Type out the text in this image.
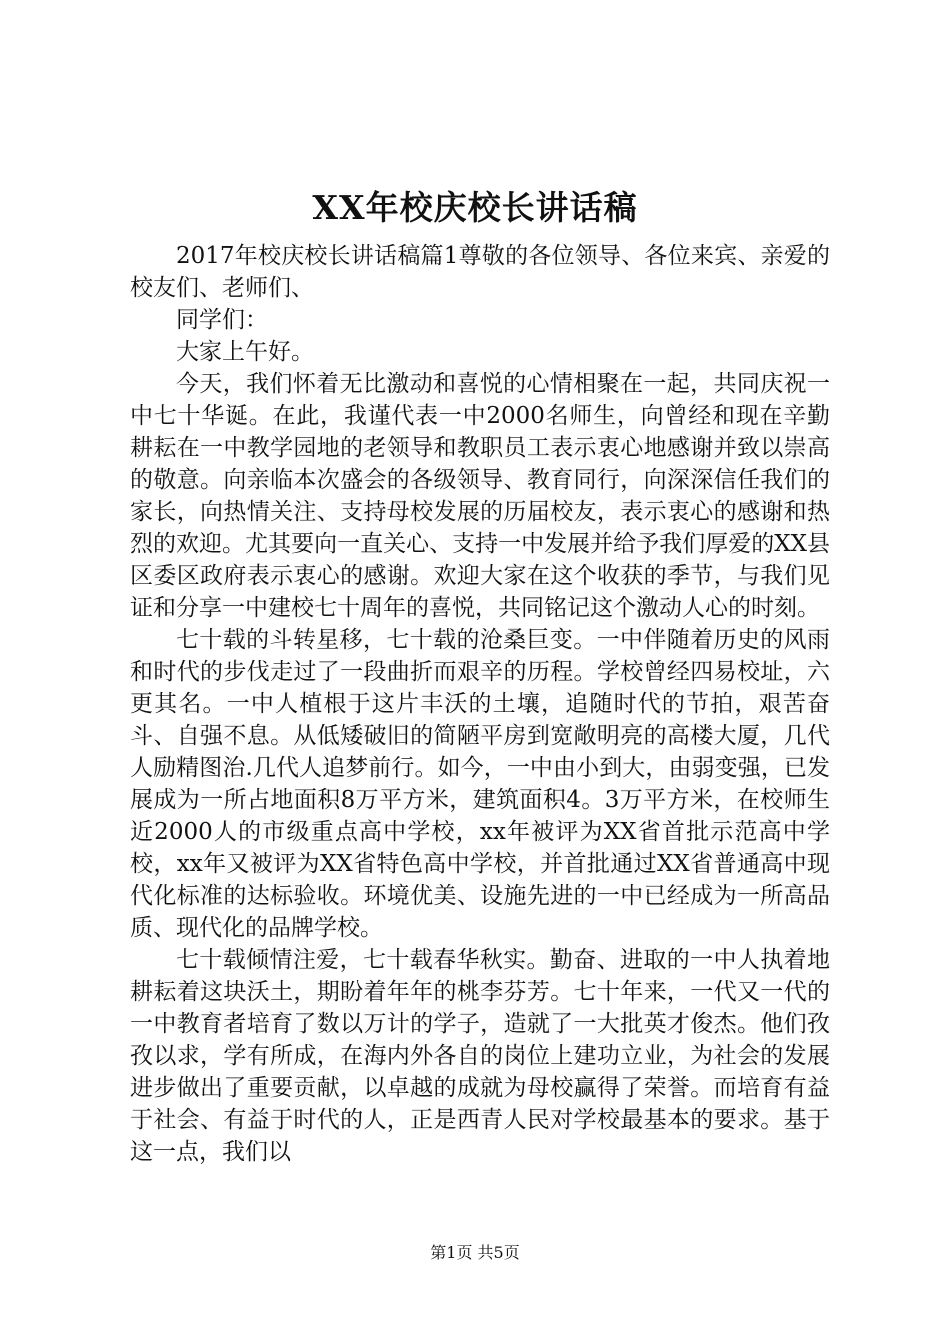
XX年校庆校长讲话稿

2017年校庆校长讲话稿篇1尊敬的各位领导、各位来宾、亲爱的校友们、老师们、

同学们：

大家上午好。

今天，我们怀着无比激动和喜悦的心情相聚在一起，共同庆祝一中七十华诞。在此，我谨代表一中2000名师生，向曾经和现在辛勤耕耘在一中教学园地的老领导和教职员工表示衷心地感谢并致以崇高的敬意。向亲临本次盛会的各级领导、教育同行，向深深信任我们的家长，向热情关注、支持母校发展的历届校友，表示衷心的感谢和热烈的欢迎。尤其要向一直关心、支持一中发展并给予我们厚爱的XX县区委区政府表示衷心的感谢。欢迎大家在这个收获的季节，与我们见证和分享一中建校七十周年的喜悦，共同铭记这个激动人心的时刻。

七十载的斗转星移，七十载的沧桑巨变。一中伴随着历史的风雨和时代的步伐走过了一段曲折而艰辛的历程。学校曾经四易校址，六更其名。一中人植根于这片丰沃的土壤，追随时代的节拍，艰苦奋斗、自强不息。从低矮破旧的简陋平房到宽敞明亮的高楼大厦，几代人励精图治.几代人追梦前行。如今，一中由小到大，由弱变强，已发展成为一所占地面积8万平方米，建筑面积4。3万平方米，在校师生近2000人的市级重点高中学校，xx年被评为XX省首批示范高中学校，xx年又被评为XX省特色高中学校，并首批通过XX省普通高中现代化标准的达标验收。环境优美、设施先进的一中已经成为一所高品质、现代化的品牌学校。

七十载倾情注爱，七十载春华秋实。勤奋、进取的一中人执着地耕耘着这块沃土，期盼着年年的桃李芬芳。七十年来，一代又一代的一中教育者培育了数以万计的学子，造就了一大批英才俊杰。他们孜孜以求，学有所成，在海内外各自的岗位上建功立业，为社会的发展进步做出了重要贡献，以卓越的成就为母校赢得了荣誉。而培育有益于社会、有益于时代的人，正是西青人民对学校最基本的要求。基于这一点，我们以

第1页 共5页
